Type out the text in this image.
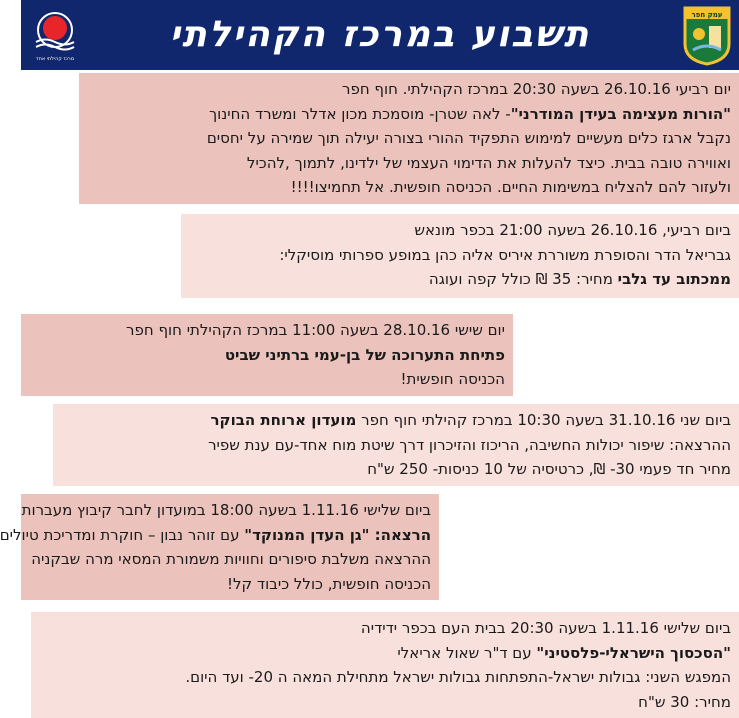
מרכז קהילתי אחד
תשבוע במרכז הקהילתי	עמק חפר
יום רביעי 26.10.16 בשעה 20:30 במרכז הקהילתי. חוף חפר
"הורות מעצימה בעידן המודרני"- לאה שטרן- מוסמכת מכון אדלר ומשרד החינוך
נקבל ארגז כלים מעשיים למימוש התפקיד ההורי בצורה יעילה תוך שמירה על יחסים
ואווירה טובה בבית. כיצד להעלות את הדימוי העצמי של ילדינו, לתמוך ,להכיל
ולעזור להם להצליח במשימות החיים. הכניסה חופשית. אל תחמיצו!!!!
ביום רביעי, 26.10.16 בשעה 21:00 בכפר מונאש
גבריאל הדר והסופרת משוררת איריס אליה כהן במופע ספרותי מוסיקלי:
ממכתוב עד גלבי מחיר: 35 ₪ כולל קפה ועוגה
יום שישי 28.10.16 בשעה 11:00 במרכז הקהילתי חוף חפר
פתיחת התערוכה של בן-עמי ברתיני שביט
הכניסה חופשית!
ביום שני 31.10.16 בשעה 10:30 במרכז קהילתי חוף חפר מועדון ארוחת הבוקר
ההרצאה: שיפור יכולות החשיבה, הריכוז והזיכרון דרך שיטת מוח אחד-עם ענת שפיר
מחיר חד פעמי 30- ₪, כרטיסיה של 10 כניסות- 250 ש"ח
ביום שלישי 1.11.16 בשעה 18:00 במועדון לחבר קיבוץ מעברות
הרצאה: "גן העדן המנוקד" עם זוהר נבון – חוקרת ומדריכת טיולים
ההרצאה משלבת סיפורים וחוויות משמורת המסאי מרה שבקניה
הכניסה חופשית, כולל כיבוד קל!
ביום שלישי 1.11.16 בשעה 20:30 בבית העם בכפר ידידיה
"הסכסוך הישראלי-פלסטיני" עם ד"ר שאול אריאלי
המפגש השני: גבולות ישראל-התפתחות גבולות ישראל מתחילת המאה ה 20- ועד היום.
מחיר: 30 ש"ח
